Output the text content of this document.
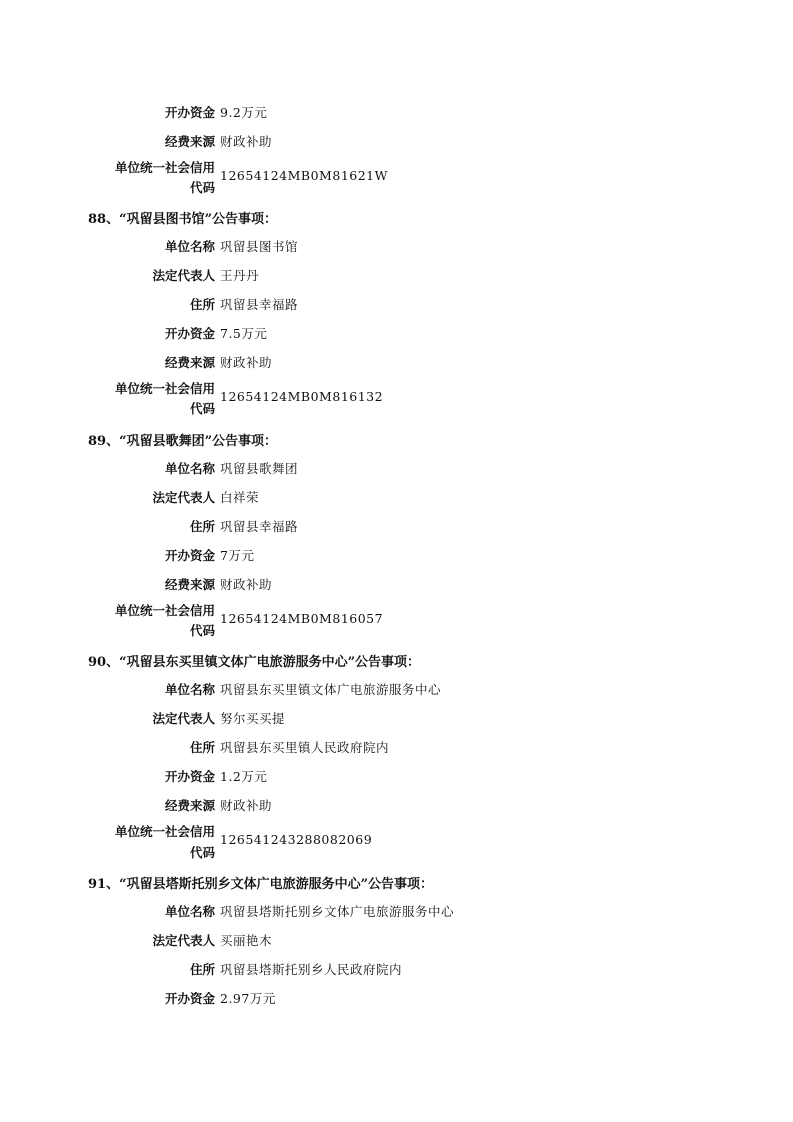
开办资金 9.2万元
经费来源 财政补助
单位统一社会信用
12654124MB0M81621W
代码
88、“巩留县图书馆”公告事项：
单位名称 巩留县图书馆
法定代表人 王丹丹
住所 巩留县幸福路
开办资金 7.5万元
经费来源 财政补助
单位统一社会信用
12654124MB0M816132
代码
89、“巩留县歌舞团”公告事项：
单位名称 巩留县歌舞团
法定代表人 白祥荣
住所 巩留县幸福路
开办资金 7万元
经费来源 财政补助
单位统一社会信用
12654124MB0M816057
代码
90、“巩留县东买里镇文体广电旅游服务中心”公告事项：
单位名称 巩留县东买里镇文体广电旅游服务中心
法定代表人 努尔买买提
住所 巩留县东买里镇人民政府院内
开办资金 1.2万元
经费来源 财政补助
单位统一社会信用
126541243288082069
代码
91、“巩留县塔斯托别乡文体广电旅游服务中心”公告事项：
单位名称 巩留县塔斯托别乡文体广电旅游服务中心
法定代表人 买丽艳木
住所 巩留县塔斯托别乡人民政府院内
开办资金 2.97万元
